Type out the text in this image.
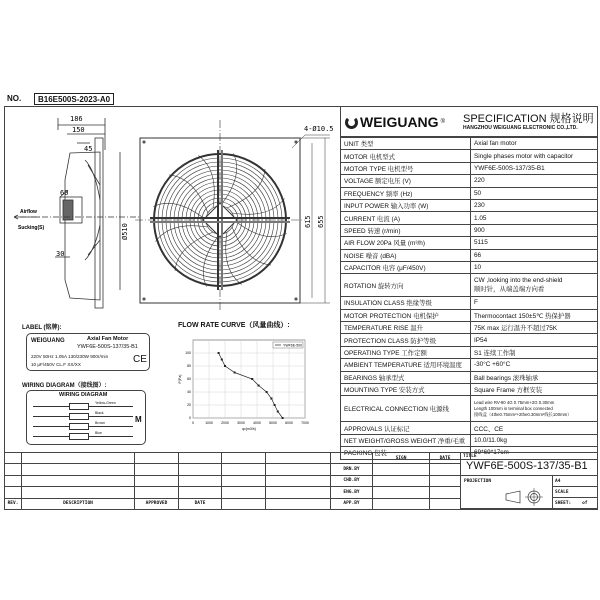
NO.	B16E500S-2023-A0
WEIGUANG ® SPECIFICATION 规格说明
HANGZHOU WEIGUANG ELECTRONIC CO.,LTD.
UNIT 类型	Axial fan motor

MOTOR 电机型式	Single phases motor with capacitor

MOTOR TYPE 电机型号	YWF6E-500S-137/35-B1

VOLTAGE 额定电压 (V)	220

FREQUENCY 频率 (Hz)	50

INPUT POWER 输入功率 (W)	230

CURRENT 电流 (A)	1.05

SPEED 转速 (r/min)	900

AIR FLOW 20Pa 风量 (m³/h)	5115

NOISE 噪音 (dBA)	66

CAPACITOR 电容 (μF/450V)	10

ROTATION 旋转方向	CW ,looking into the end-shield
顺时针，从端盖端方向看

INSULATION CLASS 绝缘等级	F

MOTOR PROTECTION 电机保护	Thermocontact 150±5℃ 热保护器

TEMPERATURE RISE 温升	75K max 运行温升不超过75K

PROTECTION CLASS 防护等级	IP54

OPERATING TYPE 工作定额	S1 连续工作制

AMBIENT TEMPERATURE 适用环境温度	-30°C +60°C

BEARINGS 轴承型式	Ball bearings 滚珠轴承

MOUNTING TYPE 安装方式	Square Frame 方框安装

ELECTRICAL CONNECTION 电源线	Lead wire RV-90 4G 0.75mm+2G 0.30mm
Length 100mm in terminal box connected
接线盒（4the0.75mm²+2the0.30mm²线长100mm）

APPROVALS 认证标记	CCC、CE

NET WEIGHT/GROSS WEIGHT 净重/毛重	10.0/11.0kg

PACKING 包装	69*69*17cm
186
150
45
60
30
Ø510
Airflow
Sucking(S)
4-Ø10.5
615 655
LABEL (铭牌):
WEIGUANG	Axial Fan Motor
YWF6E-500S-137/35-B1
220V 50Hz 1.05A 130/230W 900r/min
10 μF/450V CL.F XX/XX	CE
WIRING DIAGRAM（接线图）:
WIRING DIAGRAM
Yellow-Green
Black
Brown
Blue
M
FLOW RATE CURVE（风量曲线）:
0	1000 2000 3000 4000 5000 6000 7000
0
20
40
60
80
100
qv(m3/h)
P(Pa)
YWF6E-500
SIGN	DATE
DRN.BY
CHD.BY
ENG.BY
REV.	DESCRIPTION	APPROVED	DATE	APP.BY
TITLE
YWF6E-500S-137/35-B1
PROJECTION	A4
SCALE
SHEET:    of
